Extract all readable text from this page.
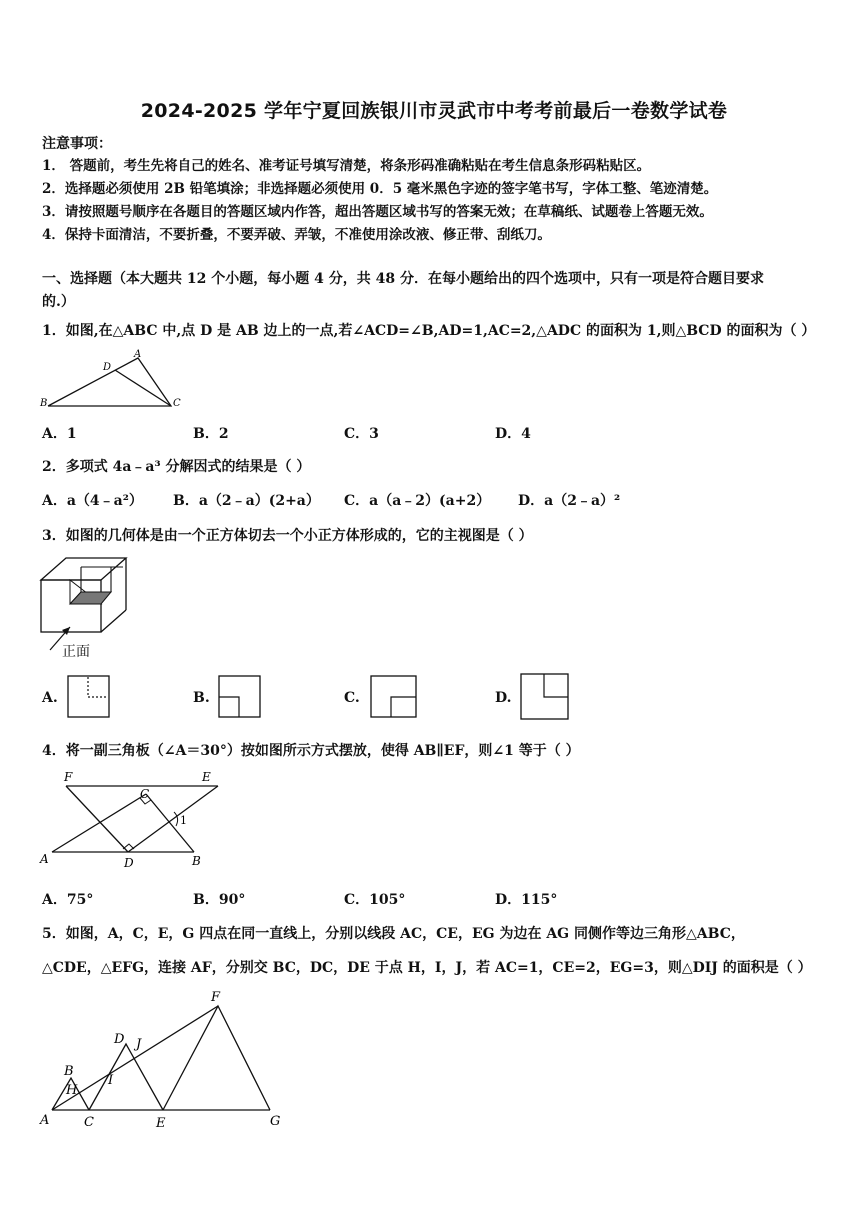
2024-2025 学年宁夏回族银川市灵武市中考考前最后一卷数学试卷
注意事项：
1． 答题前，考生先将自己的姓名、准考证号填写清楚，将条形码准确粘贴在考生信息条形码粘贴区。
2．选择题必须使用 2B 铅笔填涂；非选择题必须使用 0．5 毫米黑色字迹的签字笔书写，字体工整、笔迹清楚。
3．请按照题号顺序在各题目的答题区域内作答，超出答题区域书写的答案无效；在草稿纸、试题卷上答题无效。
4．保持卡面清洁，不要折叠，不要弄破、弄皱，不准使用涂改液、修正带、刮纸刀。
一、选择题（本大题共 12 个小题，每小题 4 分，共 48 分．在每小题给出的四个选项中，只有一项是符合题目要求
的.）
1．如图,在△ABC 中,点 D 是 AB 边上的一点,若∠ACD=∠B,AD=1,AC=2,△ADC 的面积为 1,则△BCD 的面积为（ ）
A
B	C
D
A．1	B．2	C．3	D．4
2．多项式 4a﹣a³ 分解因式的结果是（ ）
A．a（4﹣a²） B．a（2﹣a）(2+a） C．a（a﹣2）(a+2） D．a（2﹣a）²
3．如图的几何体是由一个正方体切去一个小正方体形成的，它的主视图是（ ）
正面
A.	B.	C.	D.
4．将一副三角板（∠A＝30°）按如图所示方式摆放，使得 AB∥EF，则∠1 等于（ ）
F	E
C
1
A	D	B
A．75°	B．90°	C．105°	D．115°
5．如图，A，C，E，G 四点在同一直线上，分别以线段 AC，CE，EG 为边在 AG 同侧作等边三角形△ABC，
△CDE，△EFG，连接 AF，分别交 BC，DC，DE 于点 H，I，J，若 AC=1，CE=2，EG=3，则△DIJ 的面积是（ ）
F
D J
B
I
H
A	C	E	G
